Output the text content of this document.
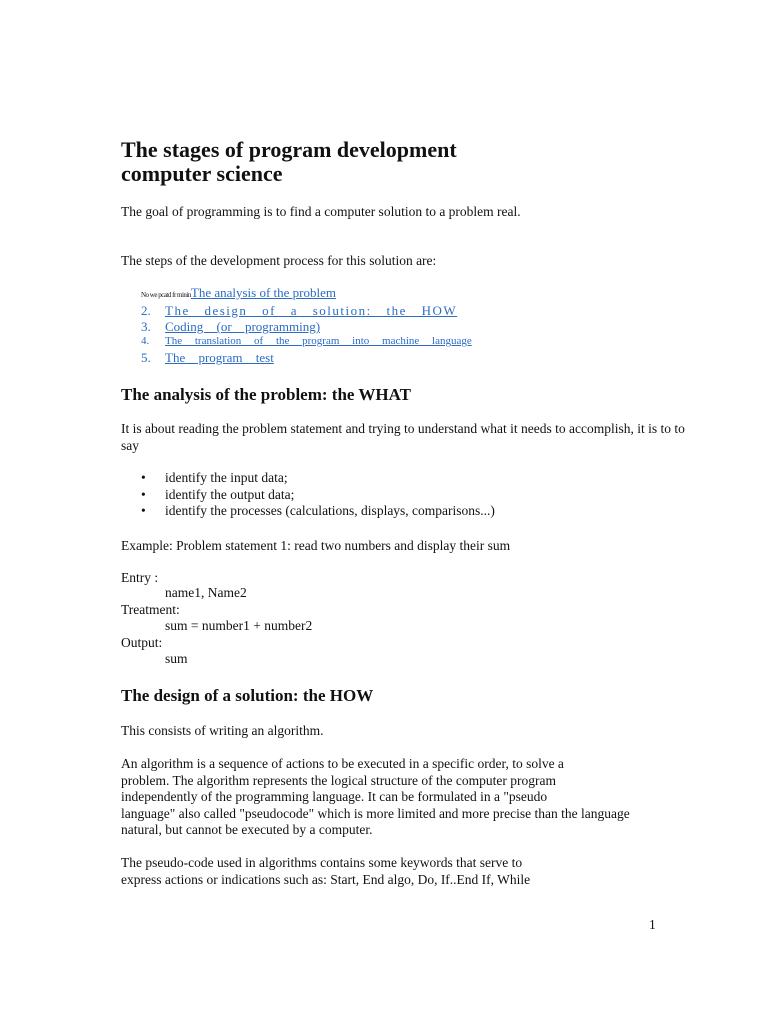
The stages of program development computer science

The goal of programming is to find a computer solution to a problem real.

The steps of the development process for this solution are:

No we pcatd fr mininThe analysis of the problem
2. The design of a solution: the HOW
3. Coding (or programming)
4. The translation of the program into machine language
5. The program test
The analysis of the problem: the WHAT

It is about reading the problem statement and trying to understand what it needs to accomplish, it is to to say

• identify the input data;
• identify the output data;
• identify the processes (calculations, displays, comparisons...)

Example: Problem statement 1: read two numbers and display their sum

Entry :

name1, Name2

Treatment:

sum = number1 + number2

Output:

sum
The design of a solution: the HOW

This consists of writing an algorithm.

An algorithm is a sequence of actions to be executed in a specific order, to solve a

problem. The algorithm represents the logical structure of the computer program

independently of the programming language. It can be formulated in a "pseudo

language" also called "pseudocode" which is more limited and more precise than the language

natural, but cannot be executed by a computer.

The pseudo-code used in algorithms contains some keywords that serve to

express actions or indications such as: Start, End algo, Do, If..End If, While

1
